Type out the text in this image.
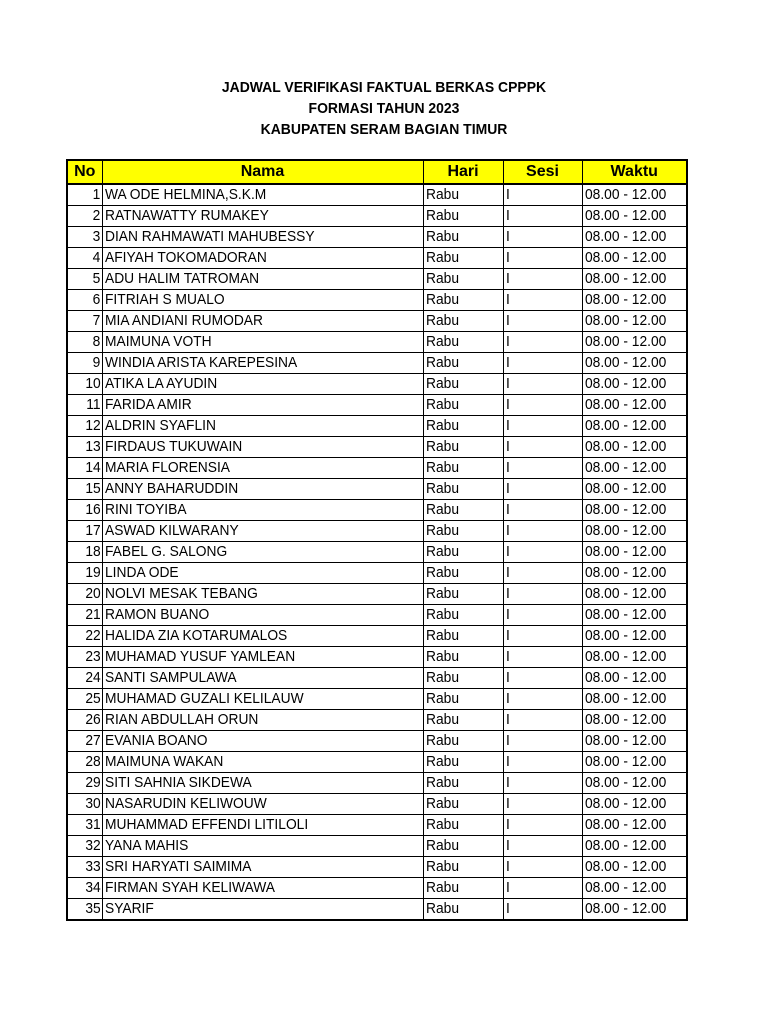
JADWAL VERIFIKASI FAKTUAL BERKAS CPPPK
FORMASI TAHUN 2023
KABUPATEN SERAM BAGIAN TIMUR
No	Nama	Hari	Sesi	Waktu
1	WA ODE HELMINA,S.K.M	Rabu	I	08.00 - 12.00
2	RATNAWATTY RUMAKEY	Rabu	I	08.00 - 12.00
3	DIAN RAHMAWATI MAHUBESSY	Rabu	I	08.00 - 12.00
4	AFIYAH TOKOMADORAN	Rabu	I	08.00 - 12.00
5	ADU HALIM TATROMAN	Rabu	I	08.00 - 12.00
6	FITRIAH S MUALO	Rabu	I	08.00 - 12.00
7	MIA ANDIANI RUMODAR	Rabu	I	08.00 - 12.00
8	MAIMUNA VOTH	Rabu	I	08.00 - 12.00
9	WINDIA ARISTA KAREPESINA	Rabu	I	08.00 - 12.00
10	ATIKA LA AYUDIN	Rabu	I	08.00 - 12.00
11	FARIDA AMIR	Rabu	I	08.00 - 12.00
12	ALDRIN SYAFLIN	Rabu	I	08.00 - 12.00
13	FIRDAUS TUKUWAIN	Rabu	I	08.00 - 12.00
14	MARIA FLORENSIA	Rabu	I	08.00 - 12.00
15	ANNY BAHARUDDIN	Rabu	I	08.00 - 12.00
16	RINI TOYIBA	Rabu	I	08.00 - 12.00
17	ASWAD KILWARANY	Rabu	I	08.00 - 12.00
18	FABEL G. SALONG	Rabu	I	08.00 - 12.00
19	LINDA ODE	Rabu	I	08.00 - 12.00
20	NOLVI MESAK TEBANG	Rabu	I	08.00 - 12.00
21	RAMON BUANO	Rabu	I	08.00 - 12.00
22	HALIDA ZIA KOTARUMALOS	Rabu	I	08.00 - 12.00
23	MUHAMAD YUSUF YAMLEAN	Rabu	I	08.00 - 12.00
24	SANTI SAMPULAWA	Rabu	I	08.00 - 12.00
25	MUHAMAD GUZALI KELILAUW	Rabu	I	08.00 - 12.00
26	RIAN ABDULLAH ORUN	Rabu	I	08.00 - 12.00
27	EVANIA BOANO	Rabu	I	08.00 - 12.00
28	MAIMUNA WAKAN	Rabu	I	08.00 - 12.00
29	SITI SAHNIA SIKDEWA	Rabu	I	08.00 - 12.00
30	NASARUDIN KELIWOUW	Rabu	I	08.00 - 12.00
31	MUHAMMAD EFFENDI LITILOLI	Rabu	I	08.00 - 12.00
32	YANA MAHIS	Rabu	I	08.00 - 12.00
33	SRI HARYATI SAIMIMA	Rabu	I	08.00 - 12.00
34	FIRMAN SYAH KELIWAWA	Rabu	I	08.00 - 12.00
35	SYARIF	Rabu	I	08.00 - 12.00
